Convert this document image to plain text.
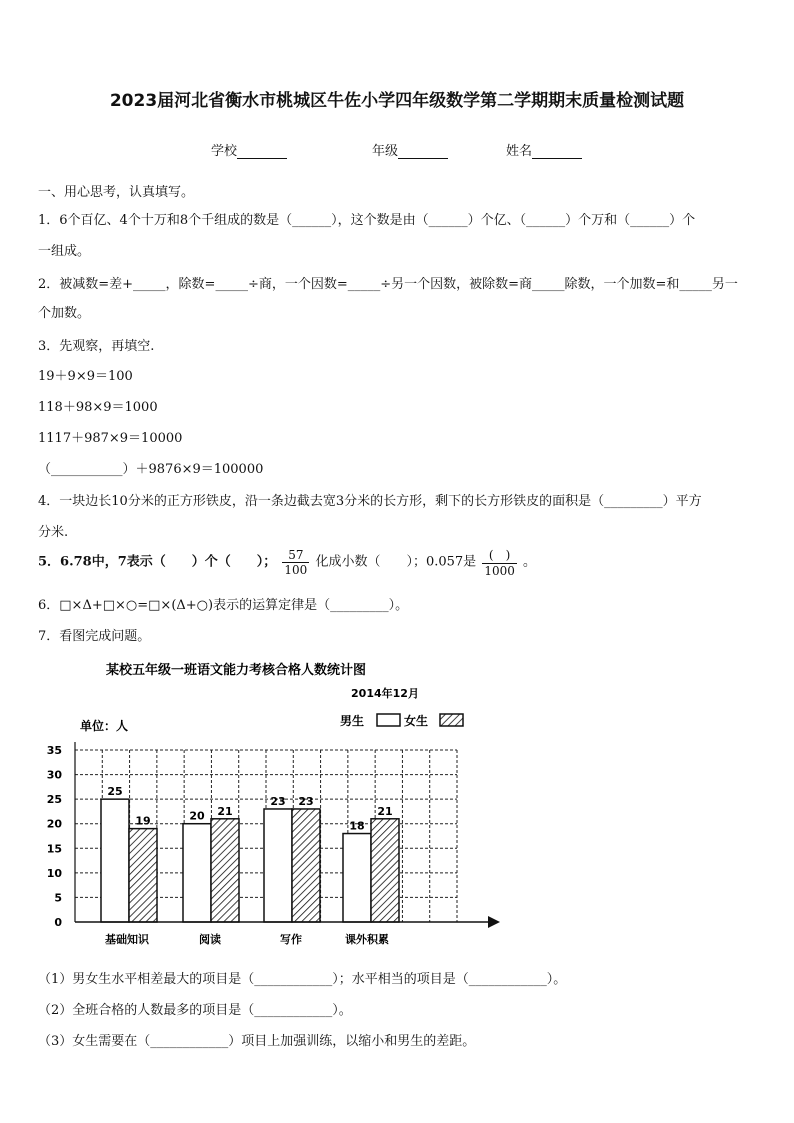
2023届河北省衡水市桃城区牛佐小学四年级数学第二学期期末质量检测试题
学校	年级	姓名
一、用心思考，认真填写。
1．6个百亿、4个十万和8个千组成的数是（______），这个数是由（______）个亿、（______）个万和（______）个
一组成。
2．被减数=差+_____，除数=_____÷商，一个因数=_____÷另一个因数，被除数=商_____除数，一个加数=和_____另一
个加数。
3．先观察，再填空.
19＋9×9＝100
118＋98×9＝1000
1117＋987×9＝10000
（___________）＋9876×9＝100000
4．一块边长10分米的正方形铁皮，沿一条边截去宽3分米的长方形，剩下的长方形铁皮的面积是（_________）平方
分米.
5．6.78中，7表示（　　）个（　　）； $\frac{57}{100}$ 化成小数（　　）；0.057是 $\frac{( )}{1000}$ 。
6．□×Δ+□×○=□×(Δ+○)表示的运算定律是（_________）。
7．看图完成问题。
某校五年级一班语文能力考核合格人数统计图
2014年12月
单位：人	男生	女生
0
5
10
15
20
25
30
35
25
19	20 21
23 23
18
21
基础知识	阅读	写作	课外积累
（1）男女生水平相差最大的项目是（____________）；水平相当的项目是（____________）。
（2）全班合格的人数最多的项目是（____________）。
（3）女生需要在（____________）项目上加强训练，以缩小和男生的差距。
